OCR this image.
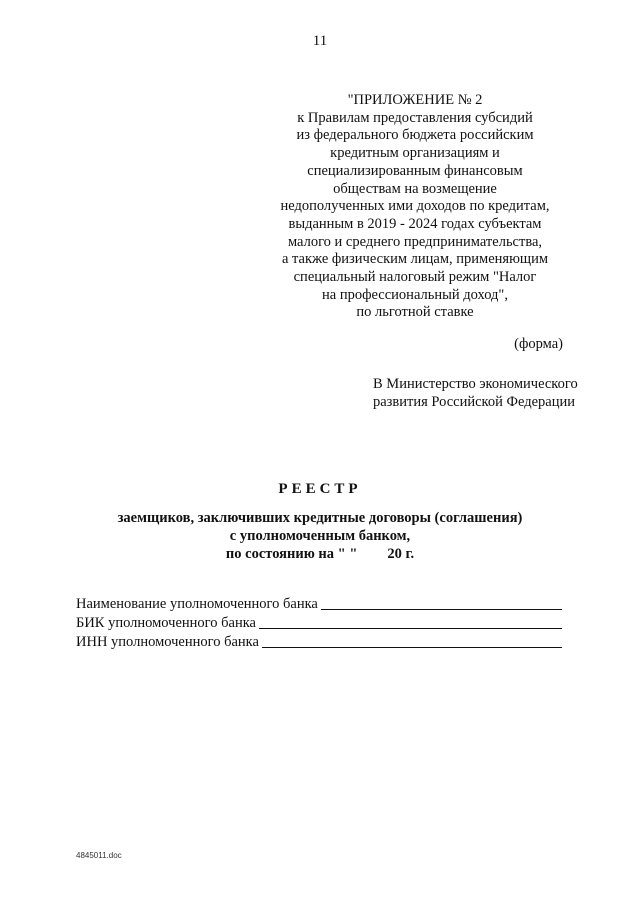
11
"ПРИЛОЖЕНИЕ № 2
к Правилам предоставления субсидий
из федерального бюджета российским
кредитным организациям и
специализированным финансовым
обществам на возмещение
недополученных ими доходов по кредитам,
выданным в 2019 - 2024 годах субъектам
малого и среднего предпринимательства,
а также физическим лицам, применяющим
специальный налоговый режим "Налог
на профессиональный доход",
по льготной ставке
(форма)
В Министерство экономического
развития Российской Федерации
РЕЕСТР
заемщиков, заключивших кредитные договоры (соглашения)
с уполномоченным банком,
по состоянию на " " 20 г.
Наименование уполномоченного банка
БИК уполномоченного банка
ИНН уполномоченного банка
4845011.doc
